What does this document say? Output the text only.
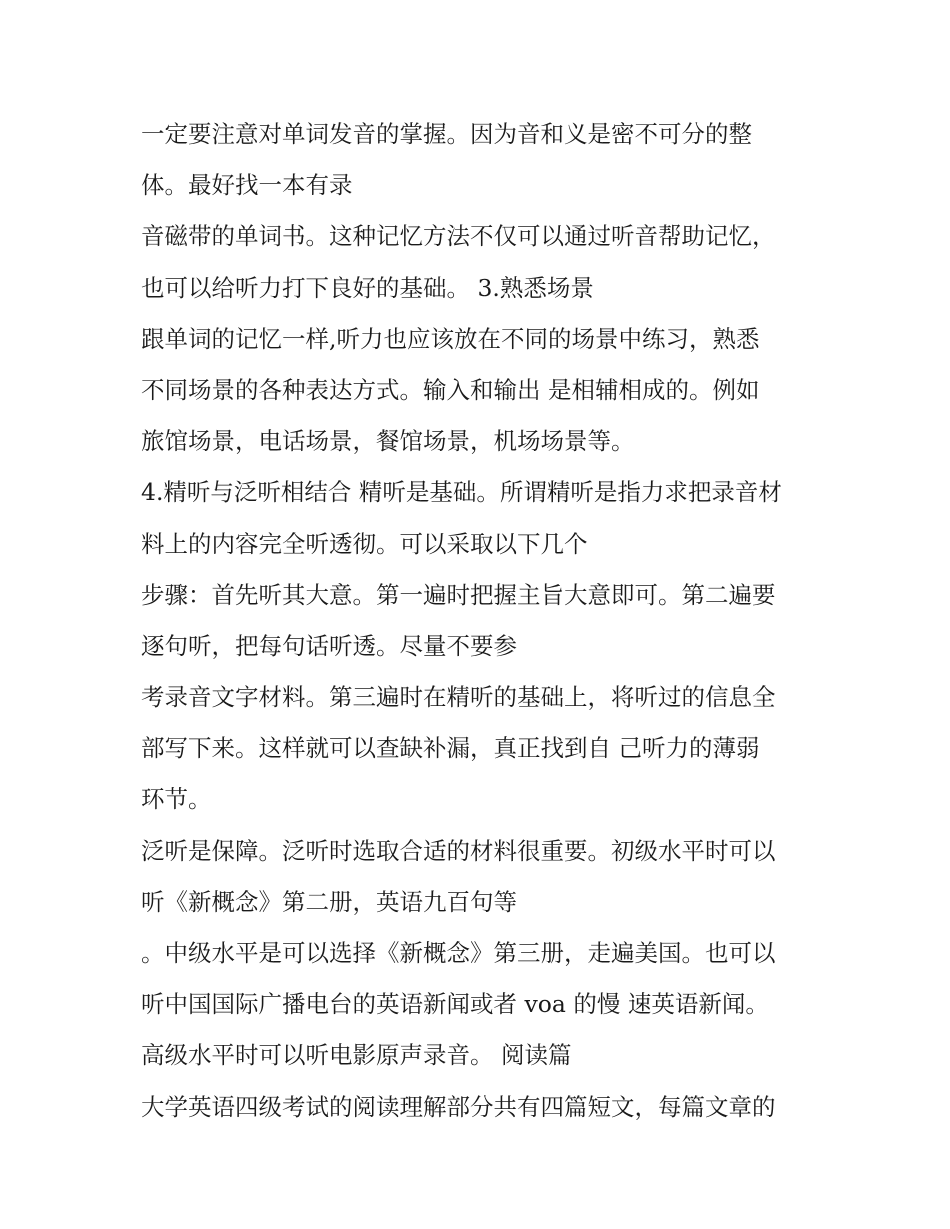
一定要注意对单词发音的掌握。因为音和义是密不可分的整
体。最好找一本有录
音磁带的单词书。这种记忆方法不仅可以通过听音帮助记忆，
也可以给听力打下良好的基础。 3.熟悉场景
跟单词的记忆一样,听力也应该放在不同的场景中练习，熟悉
不同场景的各种表达方式。输入和输出 是相辅相成的。例如
旅馆场景，电话场景，餐馆场景，机场场景等。
4.精听与泛听相结合 精听是基础。所谓精听是指力求把录音材
料上的内容完全听透彻。可以采取以下几个
步骤：首先听其大意。第一遍时把握主旨大意即可。第二遍要
逐句听，把每句话听透。尽量不要参
考录音文字材料。第三遍时在精听的基础上，将听过的信息全
部写下来。这样就可以查缺补漏，真正找到自 己听力的薄弱
环节。
泛听是保障。泛听时选取合适的材料很重要。初级水平时可以
听《新概念》第二册，英语九百句等
。中级水平是可以选择《新概念》第三册，走遍美国。也可以
听中国国际广播电台的英语新闻或者 voa 的慢 速英语新闻。
高级水平时可以听电影原声录音。 阅读篇
大学英语四级考试的阅读理解部分共有四篇短文，每篇文章的
